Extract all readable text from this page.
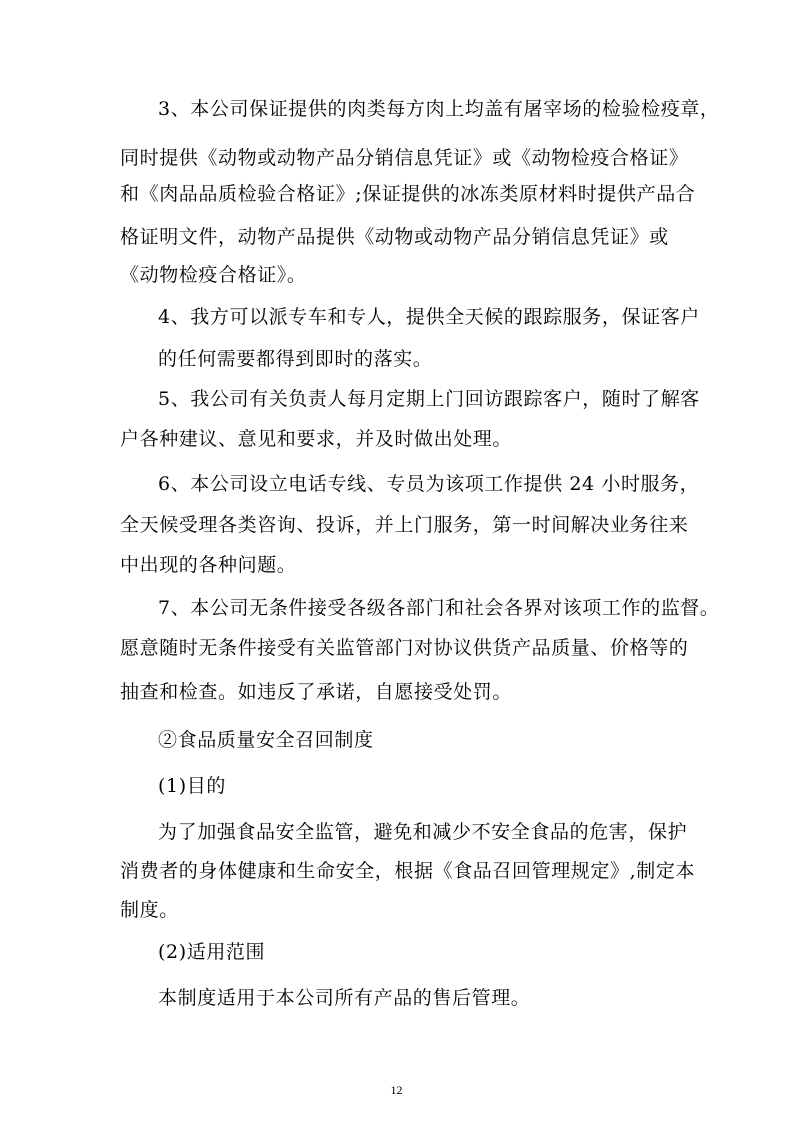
3、本公司保证提供的肉类每方肉上均盖有屠宰场的检验检疫章，
同时提供《动物或动物产品分销信息凭证》或《动物检疫合格证》
和《肉品品质检验合格证》;保证提供的冰冻类原材料时提供产品合
格证明文件，动物产品提供《动物或动物产品分销信息凭证》或
《动物检疫合格证》。
4、我方可以派专车和专人，提供全天候的跟踪服务，保证客户
的任何需要都得到即时的落实。
5、我公司有关负责人每月定期上门回访跟踪客户，随时了解客
户各种建议、意见和要求，并及时做出处理。
6、本公司设立电话专线、专员为该项工作提供 24 小时服务，
全天候受理各类咨询、投诉，并上门服务，第一时间解决业务往来
中出现的各种问题。
7、本公司无条件接受各级各部门和社会各界对该项工作的监督。
愿意随时无条件接受有关监管部门对协议供货产品质量、价格等的
抽查和检查。如违反了承诺，自愿接受处罚。
②食品质量安全召回制度
(1)目的
为了加强食品安全监管，避免和减少不安全食品的危害，保护
消费者的身体健康和生命安全，根据《食品召回管理规定》,制定本
制度。
(2)适用范围
本制度适用于本公司所有产品的售后管理。
12
